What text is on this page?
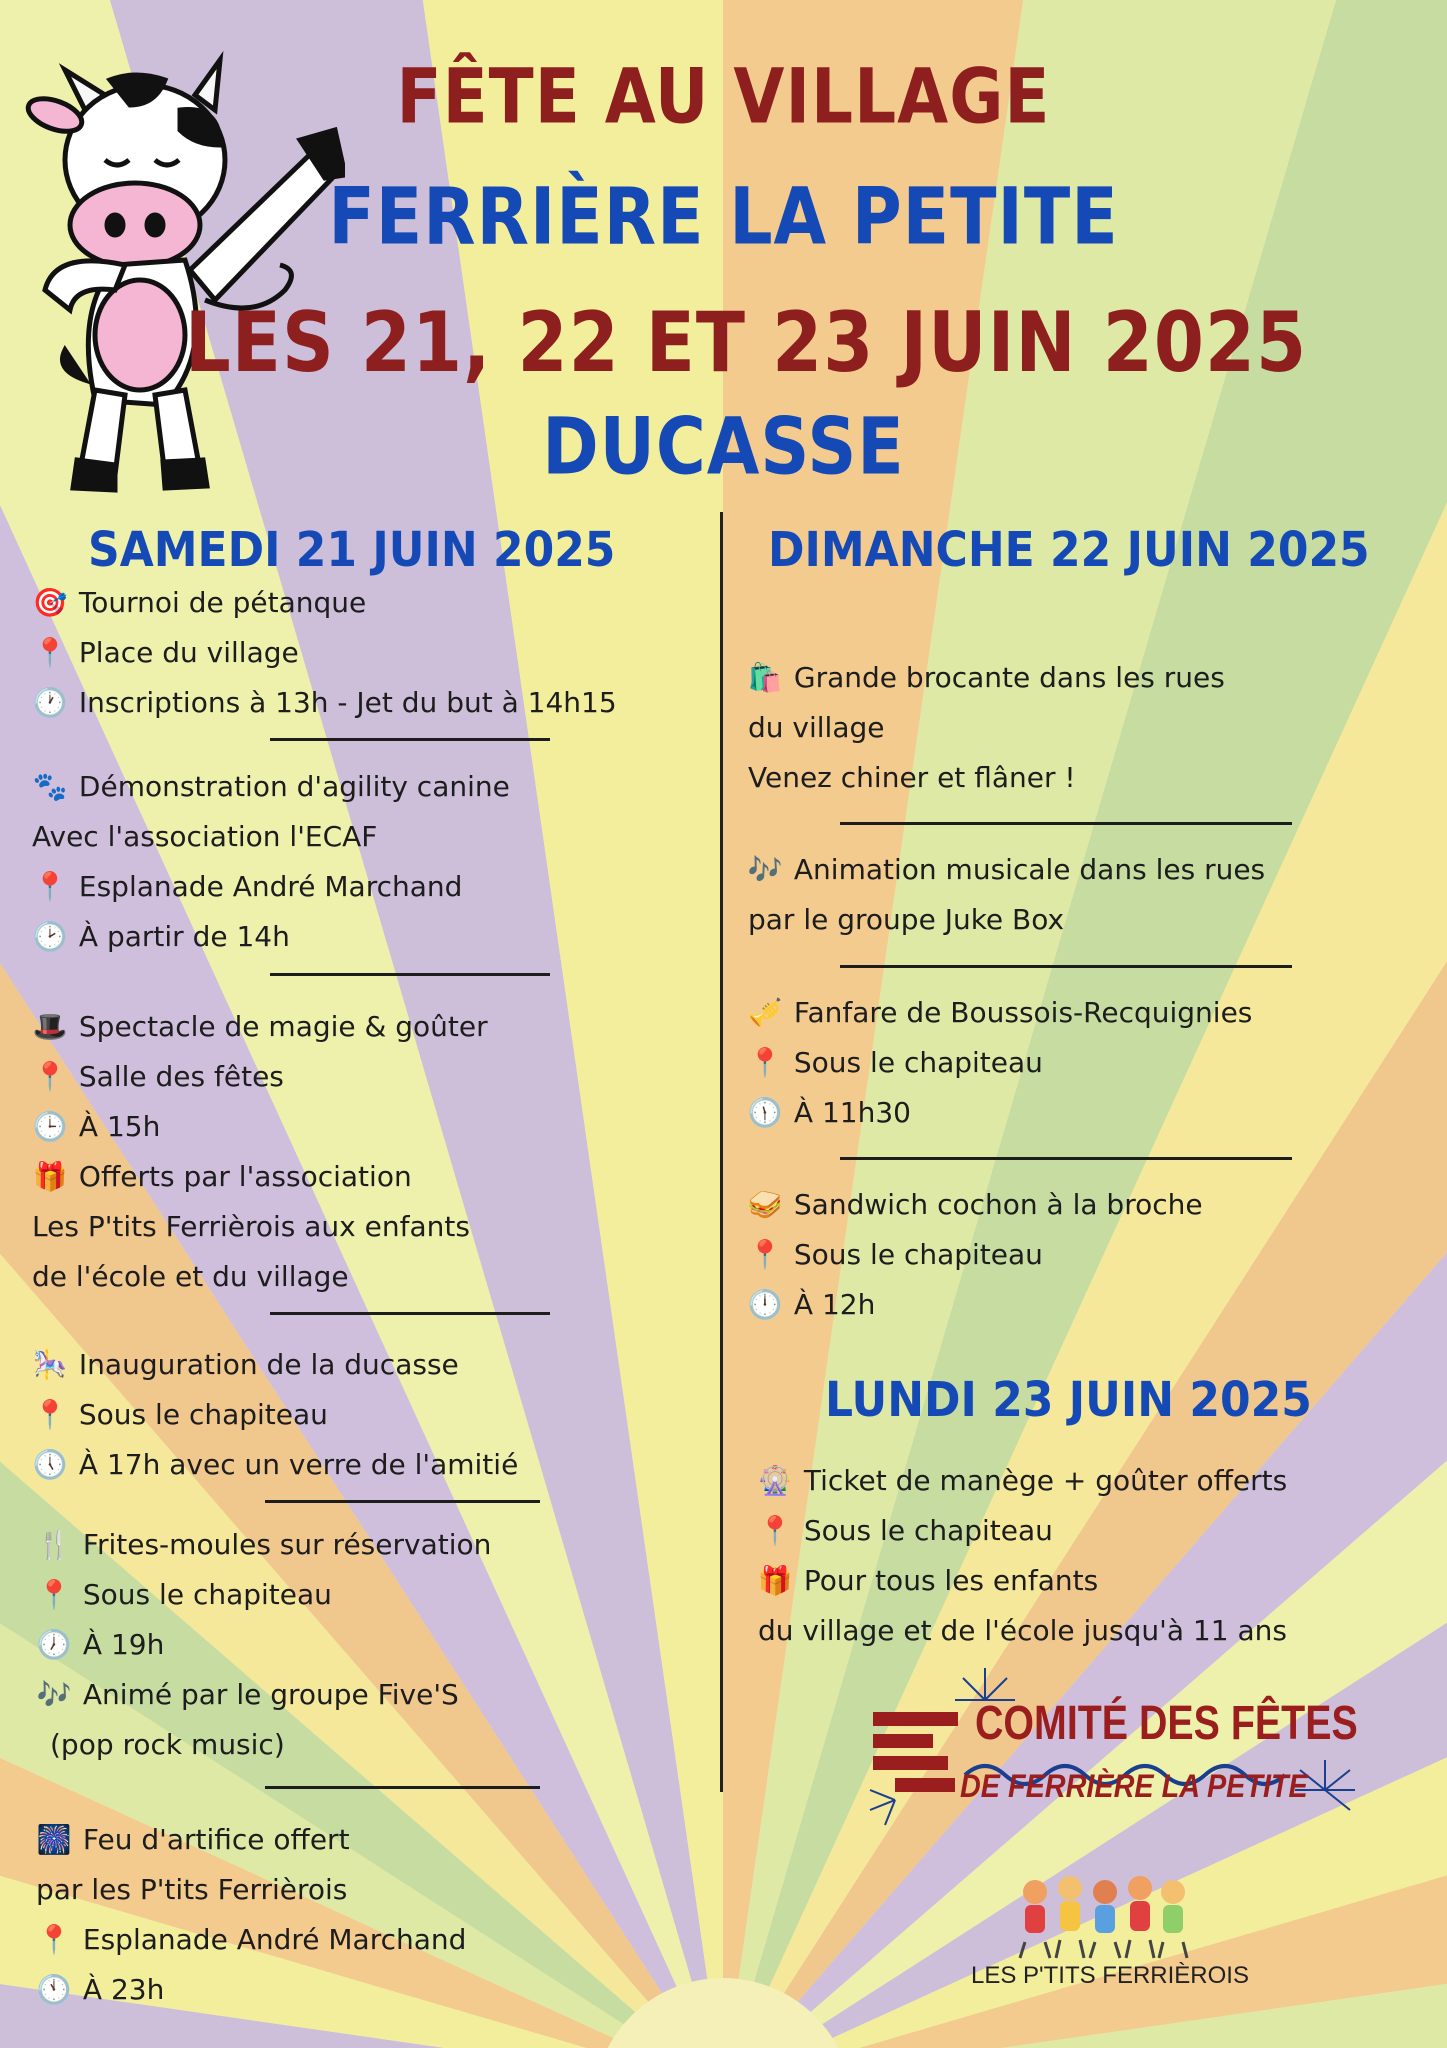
FÊTE AU VILLAGE
FERRIÈRE LA PETITE
LES 21, 22 ET 23 JUIN 2025
DUCASSE
SAMEDI 21 JUIN 2025
🎯 Tournoi de pétanque
📍 Place du village
🕐 Inscriptions à 13h - Jet du but à 14h15
🐾 Démonstration d'agility canine
Avec l'association l'ECAF
📍 Esplanade André Marchand
🕑 À partir de 14h
🎩 Spectacle de magie & goûter
📍 Salle des fêtes
🕒 À 15h
🎁 Offerts par l'association
Les P'tits Ferrièrois aux enfants
de l'école et du village
🎠 Inauguration de la ducasse
📍 Sous le chapiteau
🕔 À 17h avec un verre de l'amitié
🍴 Frites-moules sur réservation
📍 Sous le chapiteau
🕖 À 19h
🎶 Animé par le groupe Five'S
(pop rock music)
🎆 Feu d'artifice offert
par les P'tits Ferrièrois
📍 Esplanade André Marchand
🕚 À 23h
DIMANCHE 22 JUIN 2025
🛍️ Grande brocante dans les rues
du village
Venez chiner et flâner !
🎶 Animation musicale dans les rues
par le groupe Juke Box
🎺 Fanfare de Boussois-Recquignies
📍 Sous le chapiteau
🕦 À 11h30
🥪 Sandwich cochon à la broche
📍 Sous le chapiteau
🕛 À 12h
LUNDI 23 JUIN 2025
🎡 Ticket de manège + goûter offerts
📍 Sous le chapiteau
🎁 Pour tous les enfants
du village et de l'école jusqu'à 11 ans
COMITÉ DES FÊTES
DE FERRIÈRE LA PETITE
LES P'TITS FERRIÈROIS
